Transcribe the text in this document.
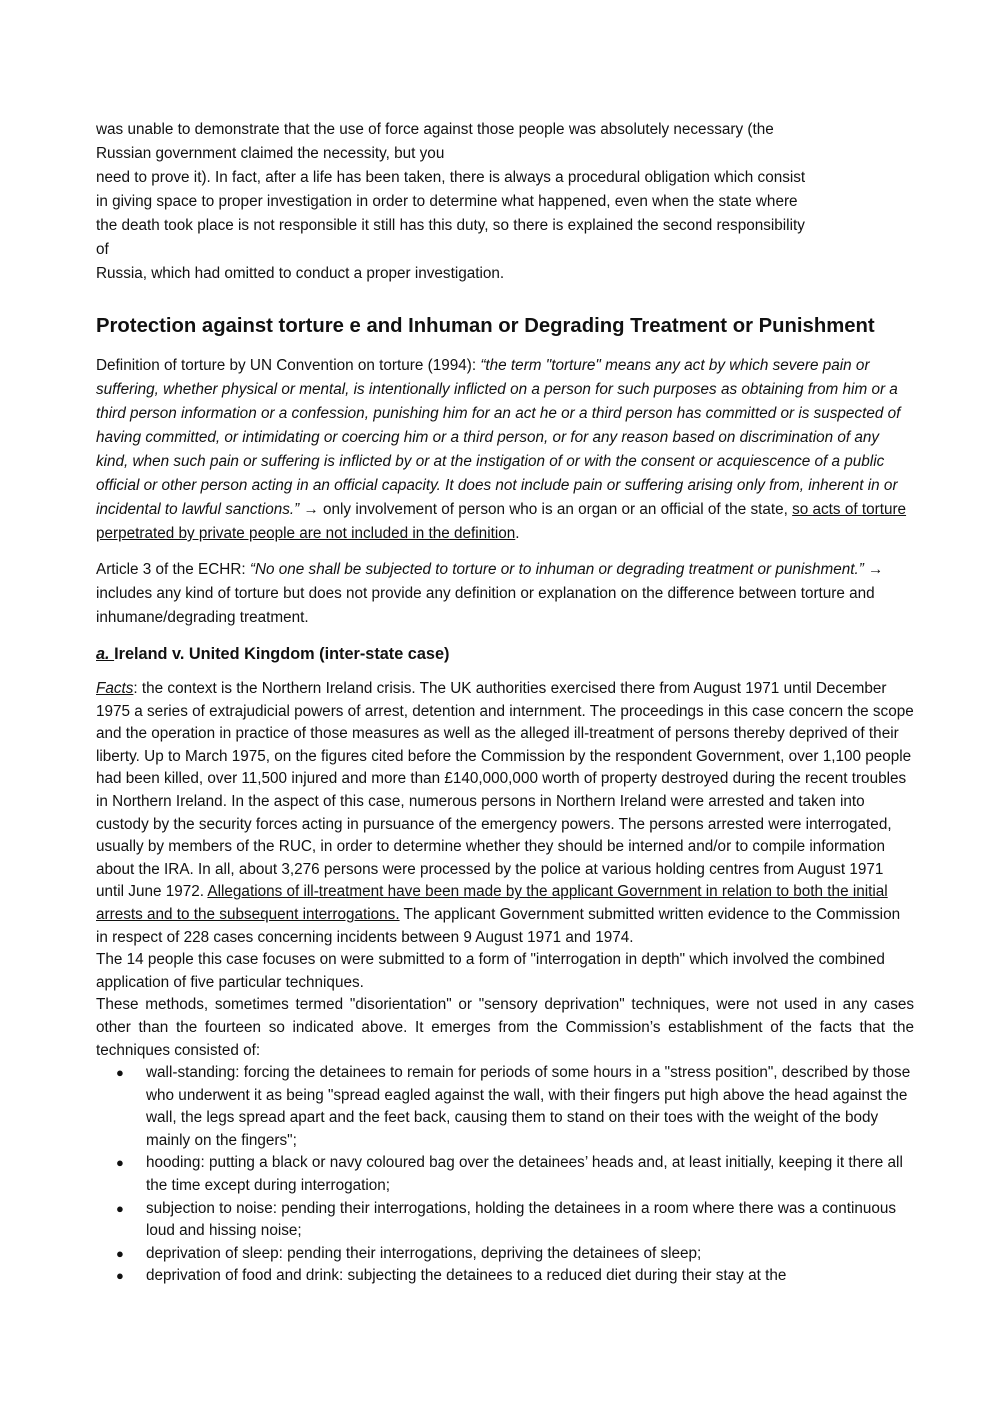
was unable to demonstrate that the use of force against those people was absolutely necessary (the

Russian government claimed the necessity, but you

need to prove it). In fact, after a life has been taken, there is always a procedural obligation which consist

in giving space to proper investigation in order to determine what happened, even when the state where

the death took place is not responsible it still has this duty, so there is explained the second responsibility

of

Russia, which had omitted to conduct a proper investigation.

Protection against torture e and Inhuman or Degrading Treatment or Punishment

Definition of torture by UN Convention on torture (1994): “the term "torture" means any act by which severe pain or suffering, whether physical or mental, is intentionally inflicted on a person for such purposes as obtaining from him or a third person information or a confession, punishing him for an act he or a third person has committed or is suspected of having committed, or intimidating or coercing him or a third person, or for any reason based on discrimination of any kind, when such pain or suffering is inflicted by or at the instigation of or with the consent or acquiescence of a public official or other person acting in an official capacity. It does not include pain or suffering arising only from, inherent in or incidental to lawful sanctions.” → only involvement of person who is an organ or an official of the state, so acts of torture perpetrated by private people are not included in the definition.

Article 3 of the ECHR: “No one shall be subjected to torture or to inhuman or degrading treatment or punishment.” → includes any kind of torture but does not provide any definition or explanation on the difference between torture and inhumane/degrading treatment.

a. Ireland v. United Kingdom (inter-state case)

Facts: the context is the Northern Ireland crisis. The UK authorities exercised there from August 1971 until December 1975 a series of extrajudicial powers of arrest, detention and internment. The proceedings in this case concern the scope and the operation in practice of those measures as well as the alleged ill-treatment of persons thereby deprived of their liberty. Up to March 1975, on the figures cited before the Commission by the respondent Government, over 1,100 people had been killed, over 11,500 injured and more than £140,000,000 worth of property destroyed during the recent troubles in Northern Ireland. In the aspect of this case, numerous persons in Northern Ireland were arrested and taken into custody by the security forces acting in pursuance of the emergency powers. The persons arrested were interrogated, usually by members of the RUC, in order to determine whether they should be interned and/or to compile information about the IRA. In all, about 3,276 persons were processed by the police at various holding centres from August 1971 until June 1972. Allegations of ill-treatment have been made by the applicant Government in relation to both the initial arrests and to the subsequent interrogations. The applicant Government submitted written evidence to the Commission in respect of 228 cases concerning incidents between 9 August 1971 and 1974.

The 14 people this case focuses on were submitted to a form of "interrogation in depth" which involved the combined application of five particular techniques.

These methods, sometimes termed "disorientation" or "sensory deprivation" techniques, were not used in any cases other than the fourteen so indicated above. It emerges from the Commission’s establishment of the facts that the techniques consisted of:

● wall-standing: forcing the detainees to remain for periods of some hours in a "stress position", described by those who underwent it as being "spread eagled against the wall, with their fingers put high above the head against the wall, the legs spread apart and the feet back, causing them to stand on their toes with the weight of the body mainly on the fingers";
● hooding: putting a black or navy coloured bag over the detainees’ heads and, at least initially, keeping it there all the time except during interrogation;
● subjection to noise: pending their interrogations, holding the detainees in a room where there was a continuous loud and hissing noise;
● deprivation of sleep: pending their interrogations, depriving the detainees of sleep;
● deprivation of food and drink: subjecting the detainees to a reduced diet during their stay at the
